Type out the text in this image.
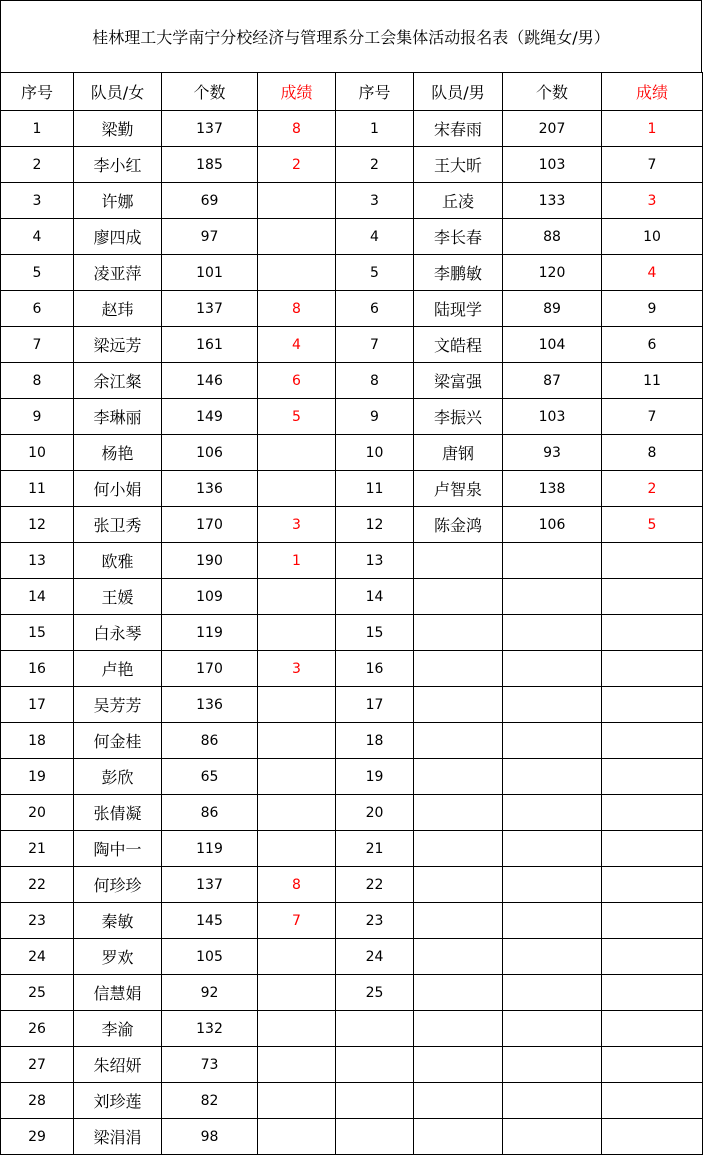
桂林理工大学南宁分校经济与管理系分工会集体活动报名表（跳绳女/男）
序号	队员/女	个数	成绩	序号	队员/男	个数	成绩
1	梁勤	137	8	1	宋春雨	207	1
2	李小红	185	2	2	王大昕	103	7
3	许娜	69		3	丘凌	133	3
4	廖四成	97		4	李长春	88	10
5	凌亚萍	101		5	李鹏敏	120	4
6	赵玮	137	8	6	陆现学	89	9
7	梁远芳	161	4	7	文皓程	104	6
8	余江粲	146	6	8	梁富强	87	11
9	李琳丽	149	5	9	李振兴	103	7
10	杨艳	106		10	唐钢	93	8
11	何小娟	136		11	卢智泉	138	2
12	张卫秀	170	3	12	陈金鸿	106	5
13	欧雅	190	1	13			
14	王媛	109		14			
15	白永琴	119		15			
16	卢艳	170	3	16			
17	吴芳芳	136		17			
18	何金桂	86		18			
19	彭欣	65		19			
20	张倩凝	86		20			
21	陶中一	119		21			
22	何珍珍	137	8	22			
23	秦敏	145	7	23			
24	罗欢	105		24			
25	信慧娟	92		25			
26	李渝	132					
27	朱绍妍	73					
28	刘珍莲	82					
29	梁涓涓	98					
